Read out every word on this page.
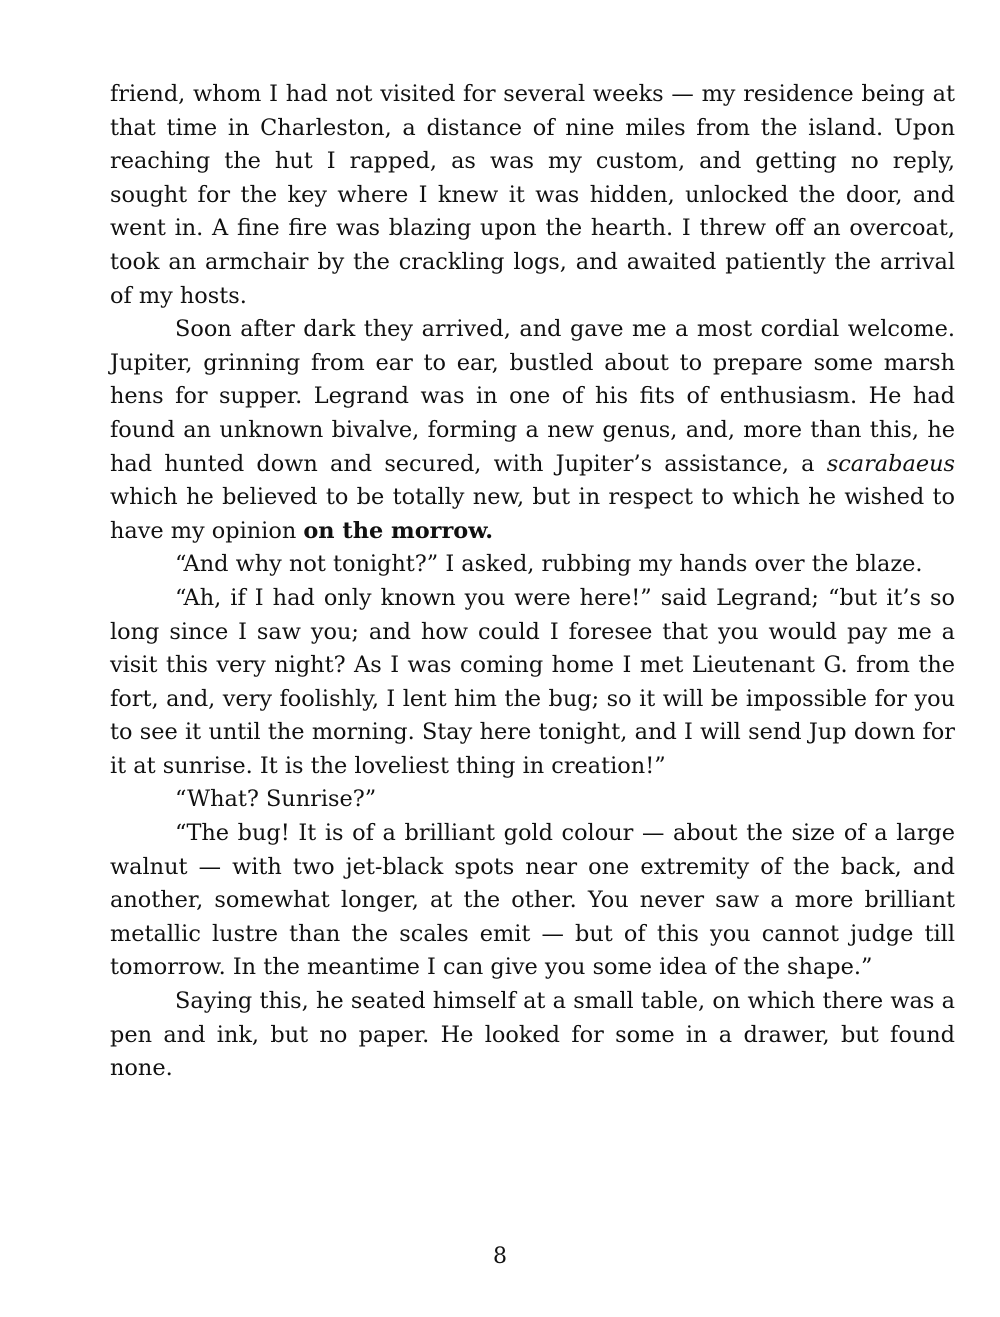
friend, whom I had not visited for several weeks — my residence being at that time in Charleston, a distance of nine miles from the island. Upon reaching the hut I rapped, as was my custom, and getting no reply, sought for the key where I knew it was hidden, unlocked the door, and went in. A fine fire was blazing upon the hearth. I threw off an overcoat, took an armchair by the crackling logs, and awaited patiently the arrival of my hosts.

Soon after dark they arrived, and gave me a most cordial welcome. Jupiter, grinning from ear to ear, bustled about to prepare some marsh hens for supper. Legrand was in one of his fits of enthusiasm. He had found an unknown bivalve, forming a new genus, and, more than this, he had hunted down and secured, with Jupiter’s assistance, a scarabaeus which he believed to be totally new, but in respect to which he wished to have my opinion on the morrow.

“And why not tonight?” I asked, rubbing my hands over the blaze.

“Ah, if I had only known you were here!” said Legrand; “but it’s so long since I saw you; and how could I foresee that you would pay me a visit this very night? As I was coming home I met Lieutenant G. from the fort, and, very foolishly, I lent him the bug; so it will be impossible for you to see it until the morning. Stay here tonight, and I will send Jup down for it at sunrise. It is the loveliest thing in creation!”

“What? Sunrise?”

“The bug! It is of a brilliant gold colour — about the size of a large walnut — with two jet-black spots near one extremity of the back, and another, somewhat longer, at the other. You never saw a more brilliant metallic lustre than the scales emit — but of this you cannot judge till tomorrow. In the meantime I can give you some idea of the shape.”

Saying this, he seated himself at a small table, on which there was a pen and ink, but no paper. He looked for some in a drawer, but found none.

8
